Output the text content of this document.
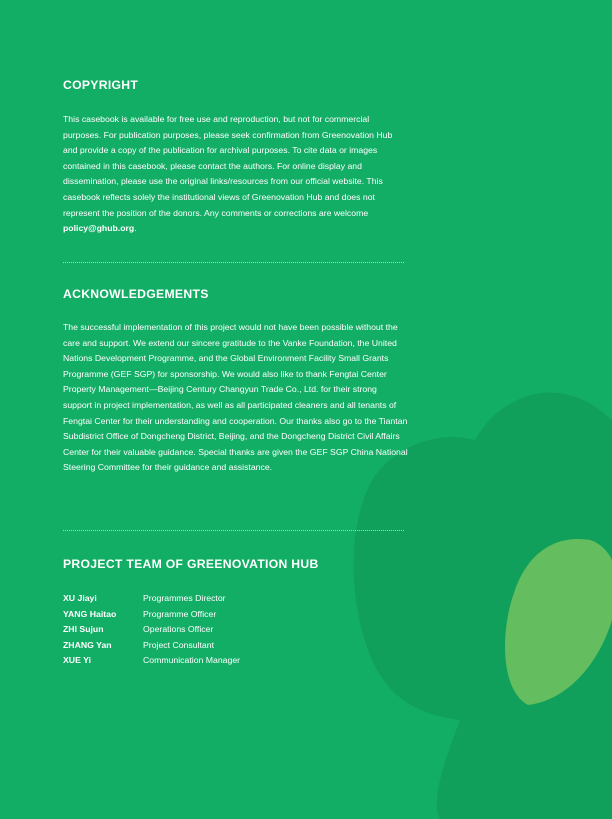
COPYRIGHT
This casebook is available for free use and reproduction, but not for commercial purposes. For publication purposes, please seek confirmation from Greenovation Hub and provide a copy of the publication for archival purposes. To cite data or images contained in this casebook, please contact the authors. For online display and dissemination, please use the original links/resources from our official website. This casebook reflects solely the institutional views of Greenovation Hub and does not represent the position of the donors. Any comments or corrections are welcome policy@ghub.org.
ACKNOWLEDGEMENTS
The successful implementation of this project would not have been possible without the care and support. We extend our sincere gratitude to the Vanke Foundation, the United Nations Development Programme, and the Global Environment Facility Small Grants Programme (GEF SGP) for sponsorship. We would also like to thank Fengtai Center Property Management—Beijing Century Changyun Trade Co., Ltd. for their strong support in project implementation, as well as all participated cleaners and all tenants of Fengtai Center for their understanding and cooperation. Our thanks also go to the Tiantan Subdistrict Office of Dongcheng District, Beijing, and the Dongcheng District Civil Affairs Center for their valuable guidance. Special thanks are given the GEF SGP China National Steering Committee for their guidance and assistance.
PROJECT TEAM OF GREENOVATION HUB
XU Jiayi	Programmes Director
YANG Haitao	Programme Officer
ZHI Sujun	Operations Officer
ZHANG Yan	Project Consultant
XUE Yi	Communication Manager
